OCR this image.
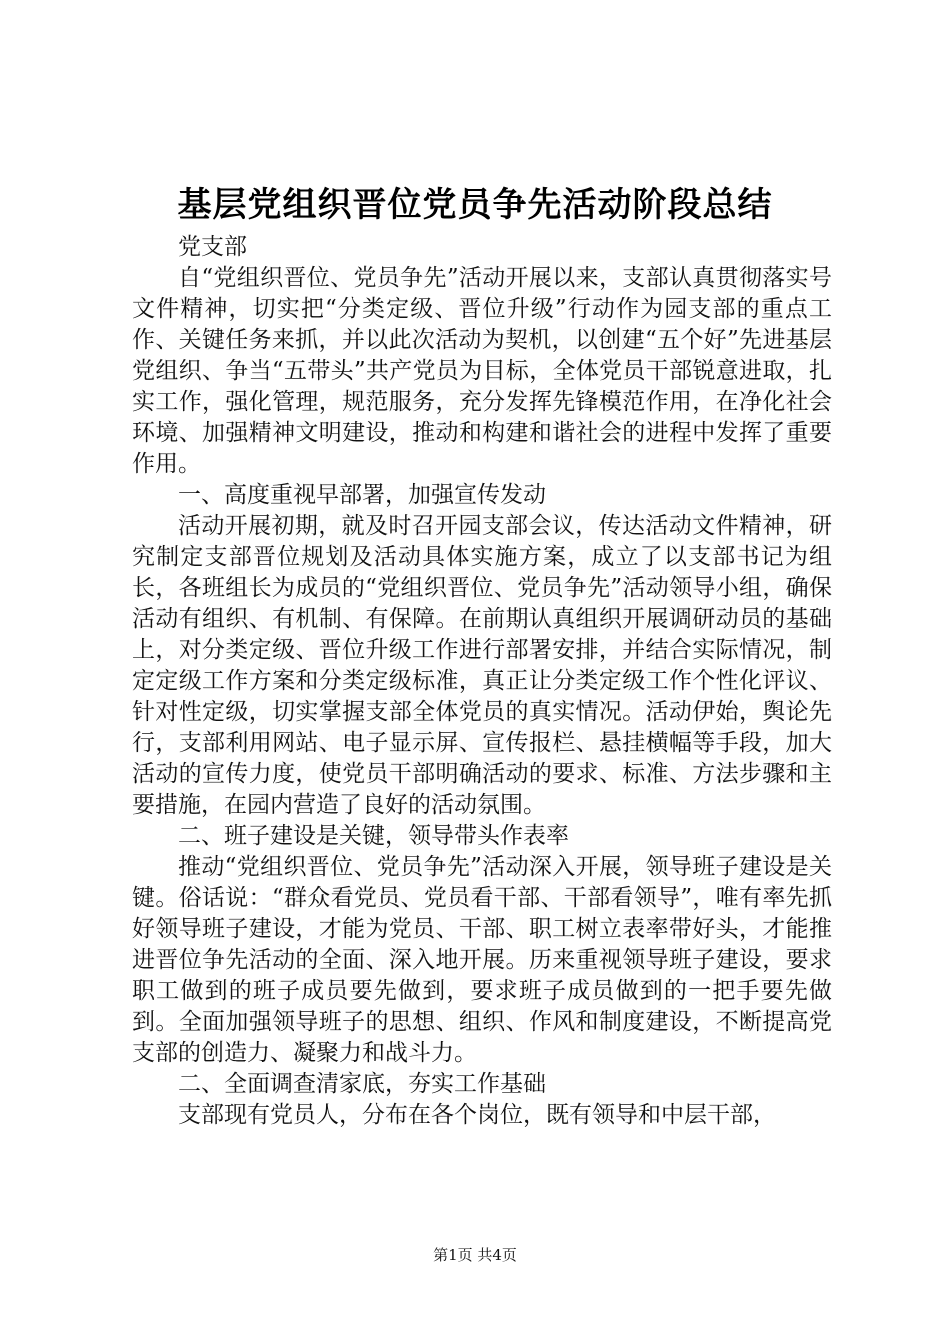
基层党组织晋位党员争先活动阶段总结

党支部

自“党组织晋位、党员争先”活动开展以来，支部认真贯彻落实号文件精神，切实把“分类定级、晋位升级”行动作为园支部的重点工作、关键任务来抓，并以此次活动为契机，以创建“五个好”先进基层党组织、争当“五带头”共产党员为目标，全体党员干部锐意进取，扎实工作，强化管理，规范服务，充分发挥先锋模范作用，在净化社会环境、加强精神文明建设，推动和构建和谐社会的进程中发挥了重要作用。

一、高度重视早部署，加强宣传发动

活动开展初期，就及时召开园支部会议，传达活动文件精神，研究制定支部晋位规划及活动具体实施方案，成立了以支部书记为组长，各班组长为成员的“党组织晋位、党员争先”活动领导小组，确保活动有组织、有机制、有保障。在前期认真组织开展调研动员的基础上，对分类定级、晋位升级工作进行部署安排，并结合实际情况，制定定级工作方案和分类定级标准，真正让分类定级工作个性化评议、针对性定级，切实掌握支部全体党员的真实情况。活动伊始，舆论先行，支部利用网站、电子显示屏、宣传报栏、悬挂横幅等手段，加大活动的宣传力度，使党员干部明确活动的要求、标准、方法步骤和主要措施，在园内营造了良好的活动氛围。

二、班子建设是关键，领导带头作表率

推动“党组织晋位、党员争先”活动深入开展，领导班子建设是关键。俗话说：“群众看党员、党员看干部、干部看领导”，唯有率先抓好领导班子建设，才能为党员、干部、职工树立表率带好头，才能推进晋位争先活动的全面、深入地开展。历来重视领导班子建设，要求职工做到的班子成员要先做到，要求班子成员做到的一把手要先做到。全面加强领导班子的思想、组织、作风和制度建设，不断提高党支部的创造力、凝聚力和战斗力。

二、全面调查清家底，夯实工作基础

支部现有党员人，分布在各个岗位，既有领导和中层干部，

第1页 共4页
